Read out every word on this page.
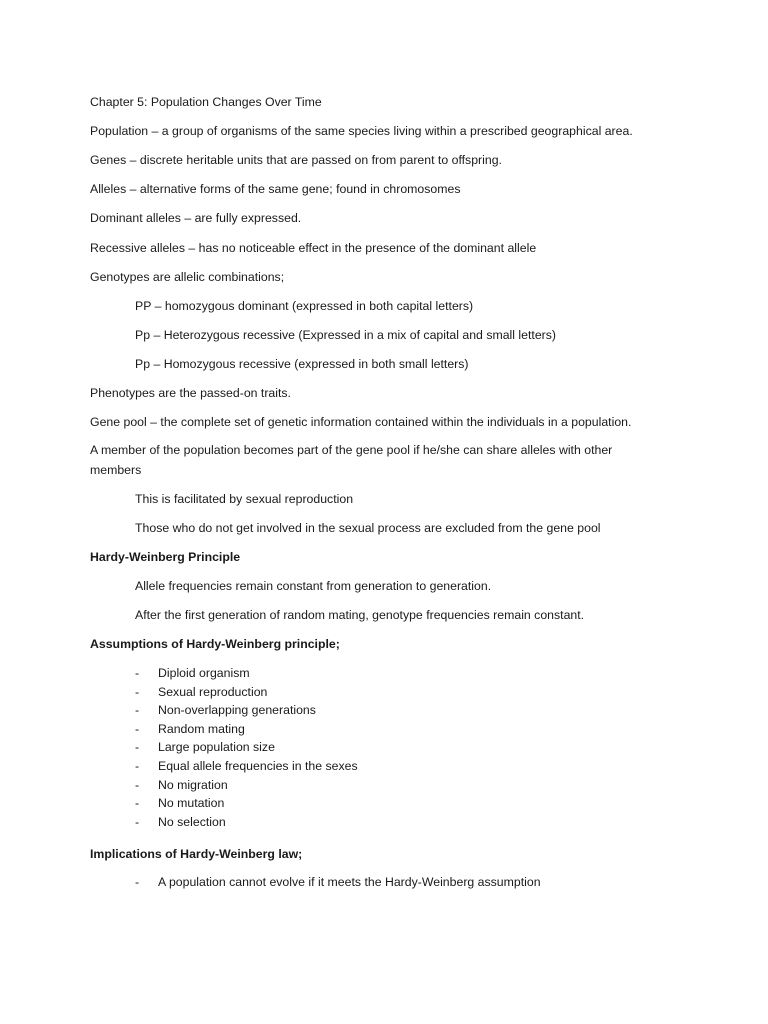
Chapter 5: Population Changes Over Time
Population – a group of organisms of the same species living within a prescribed geographical area.
Genes – discrete heritable units that are passed on from parent to offspring.
Alleles – alternative forms of the same gene; found in chromosomes
Dominant alleles – are fully expressed.
Recessive alleles – has no noticeable effect in the presence of the dominant allele
Genotypes are allelic combinations;
PP – homozygous dominant (expressed in both capital letters)
Pp – Heterozygous recessive (Expressed in a mix of capital and small letters)
Pp – Homozygous recessive (expressed in both small letters)
Phenotypes are the passed-on traits.
Gene pool – the complete set of genetic information contained within the individuals in a population.
A member of the population becomes part of the gene pool if he/she can share alleles with other members
This is facilitated by sexual reproduction
Those who do not get involved in the sexual process are excluded from the gene pool
Hardy-Weinberg Principle
Allele frequencies remain constant from generation to generation.
After the first generation of random mating, genotype frequencies remain constant.
Assumptions of Hardy-Weinberg principle;
- Diploid organism
- Sexual reproduction
- Non-overlapping generations
- Random mating
- Large population size
- Equal allele frequencies in the sexes
- No migration
- No mutation
- No selection
Implications of Hardy-Weinberg law;
- A population cannot evolve if it meets the Hardy-Weinberg assumption
